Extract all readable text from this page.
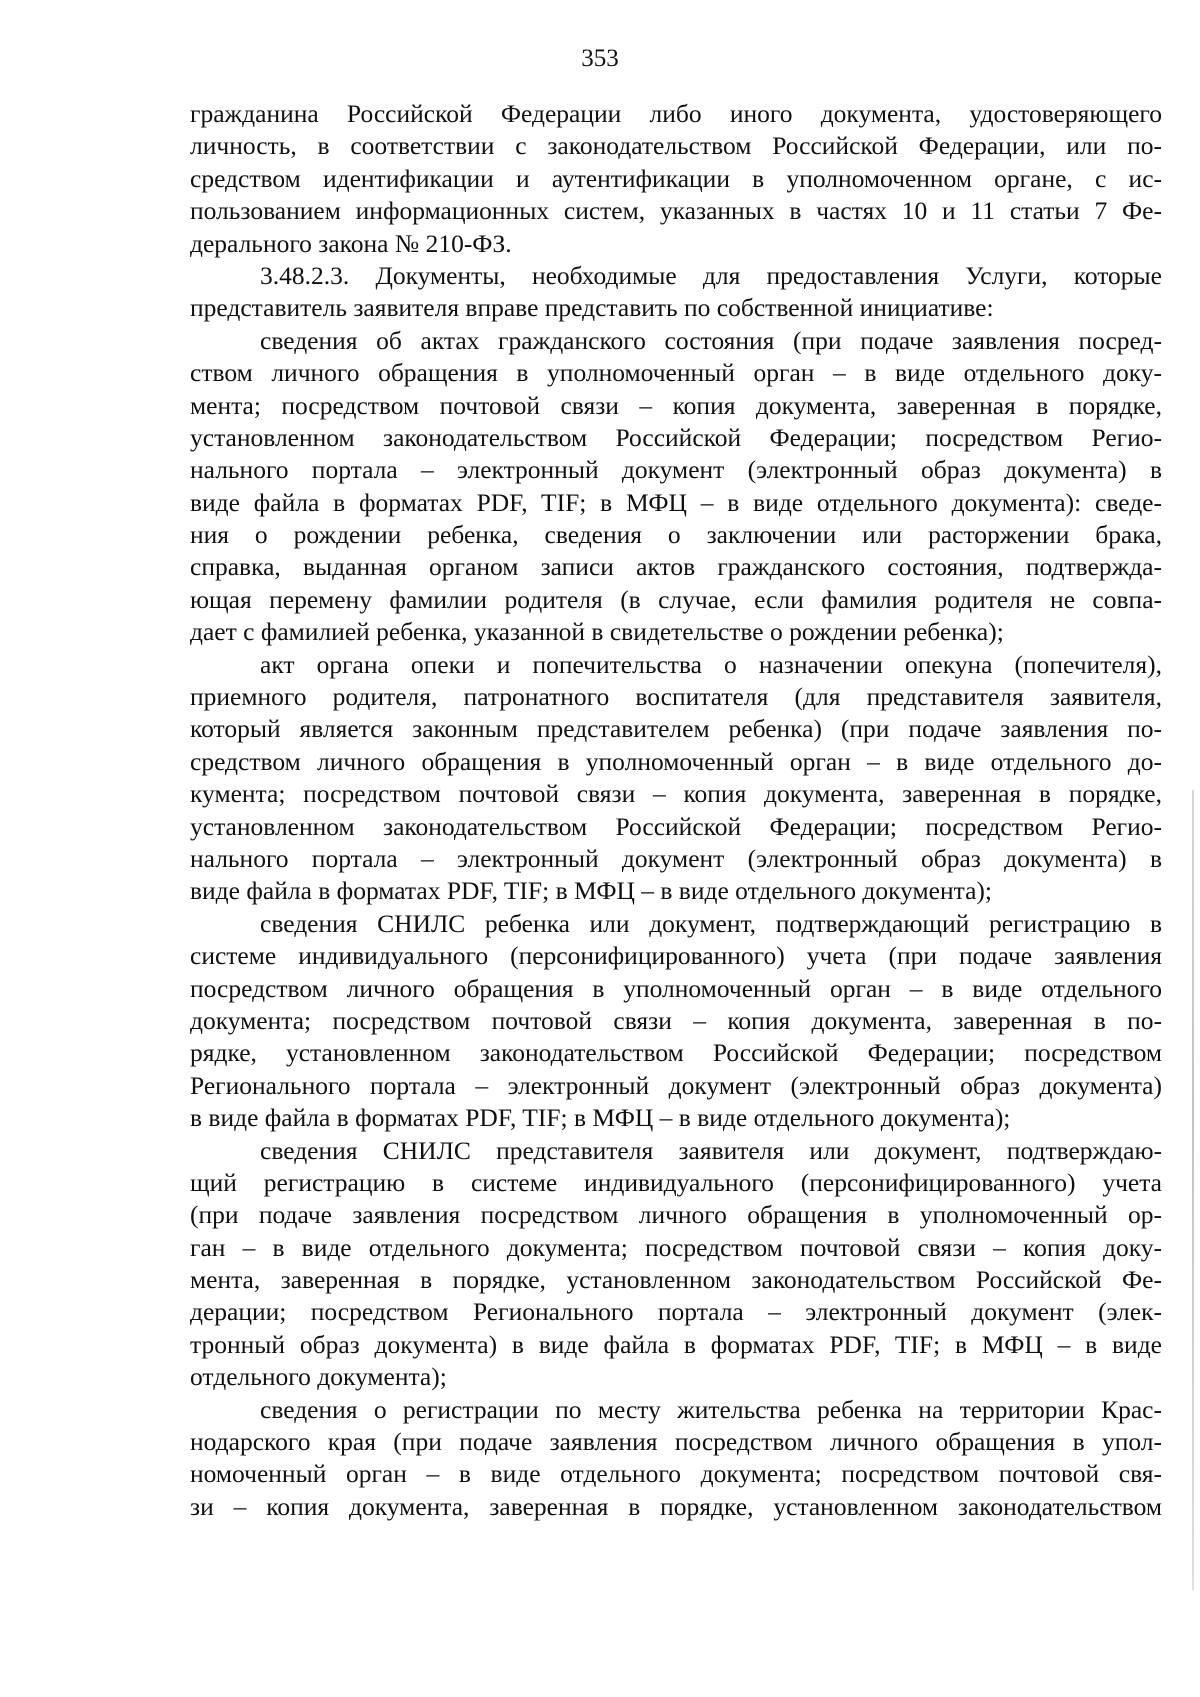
353
гражданина Российской Федерации либо иного документа, удостоверяющего
личность, в соответствии с законодательством Российской Федерации, или по-
средством идентификации и аутентификации в уполномоченном органе, с ис-
пользованием информационных систем, указанных в частях 10 и 11 статьи 7 Фе-
дерального закона № 210-ФЗ.
3.48.2.3. Документы, необходимые для предоставления Услуги, которые
представитель заявителя вправе представить по собственной инициативе:
сведения об актах гражданского состояния (при подаче заявления посред-
ством личного обращения в уполномоченный орган – в виде отдельного доку-
мента; посредством почтовой связи – копия документа, заверенная в порядке,
установленном законодательством Российской Федерации; посредством Регио-
нального портала – электронный документ (электронный образ документа) в
виде файла в форматах PDF, TIF; в МФЦ – в виде отдельного документа): сведе-
ния о рождении ребенка, сведения о заключении или расторжении брака,
справка, выданная органом записи актов гражданского состояния, подтвержда-
ющая перемену фамилии родителя (в случае, если фамилия родителя не совпа-
дает с фамилией ребенка, указанной в свидетельстве о рождении ребенка);
акт органа опеки и попечительства о назначении опекуна (попечителя),
приемного родителя, патронатного воспитателя (для представителя заявителя,
который является законным представителем ребенка) (при подаче заявления по-
средством личного обращения в уполномоченный орган – в виде отдельного до-
кумента; посредством почтовой связи – копия документа, заверенная в порядке,
установленном законодательством Российской Федерации; посредством Регио-
нального портала – электронный документ (электронный образ документа) в
виде файла в форматах PDF, TIF; в МФЦ – в виде отдельного документа);
сведения СНИЛС ребенка или документ, подтверждающий регистрацию в
системе индивидуального (персонифицированного) учета (при подаче заявления
посредством личного обращения в уполномоченный орган – в виде отдельного
документа; посредством почтовой связи – копия документа, заверенная в по-
рядке, установленном законодательством Российской Федерации; посредством
Регионального портала – электронный документ (электронный образ документа)
в виде файла в форматах PDF, TIF; в МФЦ – в виде отдельного документа);
сведения СНИЛС представителя заявителя или документ, подтверждаю-
щий регистрацию в системе индивидуального (персонифицированного) учета
(при подаче заявления посредством личного обращения в уполномоченный ор-
ган – в виде отдельного документа; посредством почтовой связи – копия доку-
мента, заверенная в порядке, установленном законодательством Российской Фе-
дерации; посредством Регионального портала – электронный документ (элек-
тронный образ документа) в виде файла в форматах PDF, TIF; в МФЦ – в виде
отдельного документа);
сведения о регистрации по месту жительства ребенка на территории Крас-
нодарского края (при подаче заявления посредством личного обращения в упол-
номоченный орган – в виде отдельного документа; посредством почтовой свя-
зи – копия документа, заверенная в порядке, установленном законодательством
